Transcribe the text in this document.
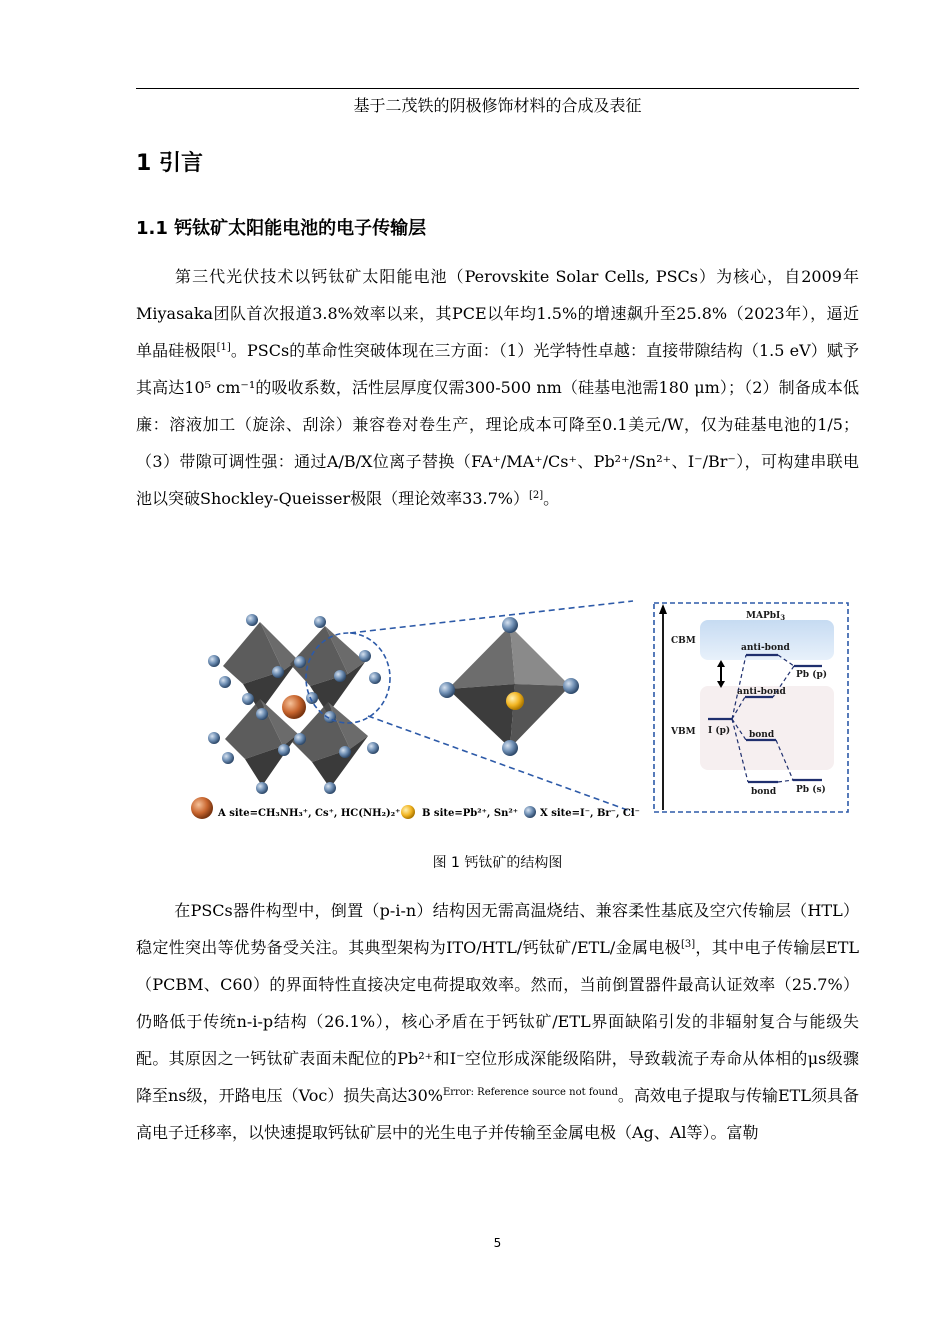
基于二茂铁的阴极修饰材料的合成及表征
1 引言
1.1 钙钛矿太阳能电池的电子传输层

第三代光伏技术以钙钛矿太阳能电池（Perovskite Solar Cells, PSCs）为核心，自2009年Miyasaka团队首次报道3.8%效率以来，其PCE以年均1.5%的增速飙升至25.8%（2023年），逼近单晶硅极限[1]。PSCs的革命性突破体现在三方面：（1）光学特性卓越：直接带隙结构（1.5 eV）赋予其高达10⁵ cm⁻¹的吸收系数，活性层厚度仅需300-500 nm（硅基电池需180 μm）；（2）制备成本低廉：溶液加工（旋涂、刮涂）兼容卷对卷生产，理论成本可降至0.1美元/W，仅为硅基电池的1/5；（3）带隙可调性强：通过A/B/X位离子替换（FA⁺/MA⁺/Cs⁺、Pb²⁺/Sn²⁺、I⁻/Br⁻），可构建串联电池以突破Shockley-Queisser极限（理论效率33.7%）[2]。

MAPbI$_3$
CBM
VBM
anti-bond
anti-bond
bond
bond
Pb (p)
Pb (s)
I (p)
A site=CH₃NH₃⁺, Cs⁺, HC(NH₂)₂⁺ B site=Pb²⁺, Sn²⁺ X site=I⁻, Br⁻, Cl⁻
图 1 钙钛矿的结构图

在PSCs器件构型中，倒置（p-i-n）结构因无需高温烧结、兼容柔性基底及空穴传输层（HTL）稳定性突出等优势备受关注。其典型架构为ITO/HTL/钙钛矿/ETL/金属电极[3]，其中电子传输层ETL（PCBM、C60）的界面特性直接决定电荷提取效率。然而，当前倒置器件最高认证效率（25.7%）仍略低于传统n-i-p结构（26.1%），核心矛盾在于钙钛矿/ETL界面缺陷引发的非辐射复合与能级失配。其原因之一钙钛矿表面未配位的Pb²⁺和I⁻空位形成深能级陷阱，导致载流子寿命从体相的μs级骤降至ns级，开路电压（Voc）损失高达30%$^{Error: Reference source not found}$。高效电子提取与传输ETL须具备高电子迁移率，以快速提取钙钛矿层中的光生电子并传输至金属电极（Ag、Al等）。富勒

5
